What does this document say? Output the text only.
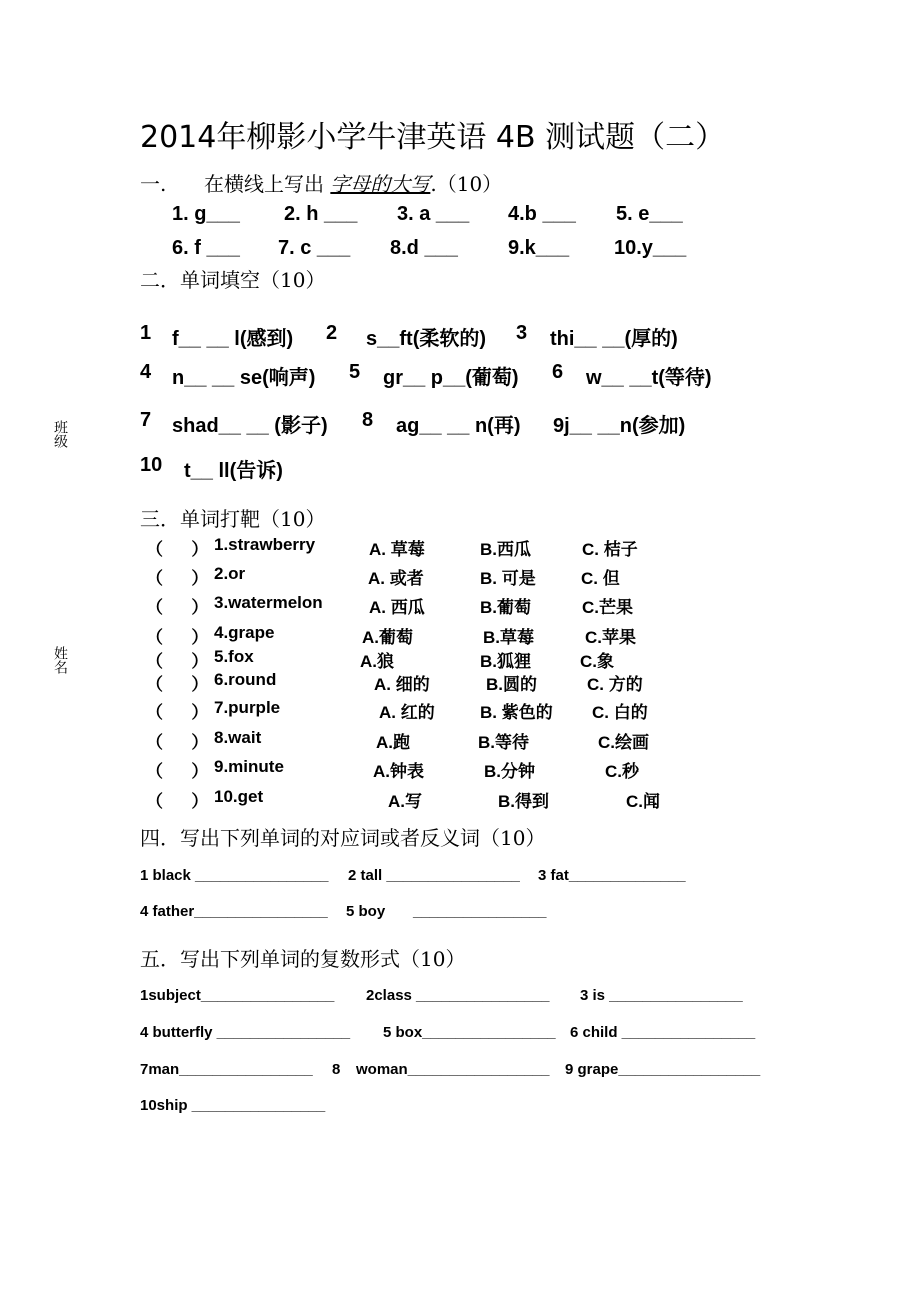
2014年柳影小学牛津英语 4B 测试题（二）
班级
姓名
一. 在横线上写出 字母的大写.（10）
1. g___ 2. h ___ 3. a ___ 4.b ___ 5. e___
6. f ___ 7. c ___ 8.d ___	9.k___ 10.y___
二．单词填空（10）
1 f__ __ l(感到) 2 s__ft(柔软的) 3 thi__ __(厚的)
4 n__ __ se(响声) 5 gr__ p__(葡萄) 6 w__ __t(等待)
7 shad__ __ (影子) 8 ag__ __ n(再) 9j__ __n(参加)
10 t__ ll(告诉)
三．单词打靶（10）
（      ） 1.strawberry	A. 草莓	B.西瓜	C. 桔子
（      ） 2.or	A. 或者	B. 可是	C. 但
（      ） 3.watermelon	A. 西瓜	B.葡萄	C.芒果
（      ） 4.grape	A.葡萄	B.草莓	C.苹果
（      ） 5.fox	A.狼	B.狐狸	C.象
（      ） 6.round	A. 细的	B.圆的	C. 方的
（      ） 7.purple	A. 红的	B. 紫色的 C. 白的
（      ） 8.wait	A.跑	B.等待	C.绘画
（      ） 9.minute	A.钟表	B.分钟	C.秒
（      ） 10.get	A.写	B.得到	C.闻
四．写出下列单词的对应词或者反义词（10）
1 black ________________ 2 tall ________________ 3 fat______________
4 father________________ 5 boy ________________
五．写出下列单词的复数形式（10）
1subject________________ 2class ________________ 3 is ________________
4 butterfly ________________ 5 box________________ 6 child ________________
7man________________ 8 woman_________________ 9 grape_________________
10ship ________________
